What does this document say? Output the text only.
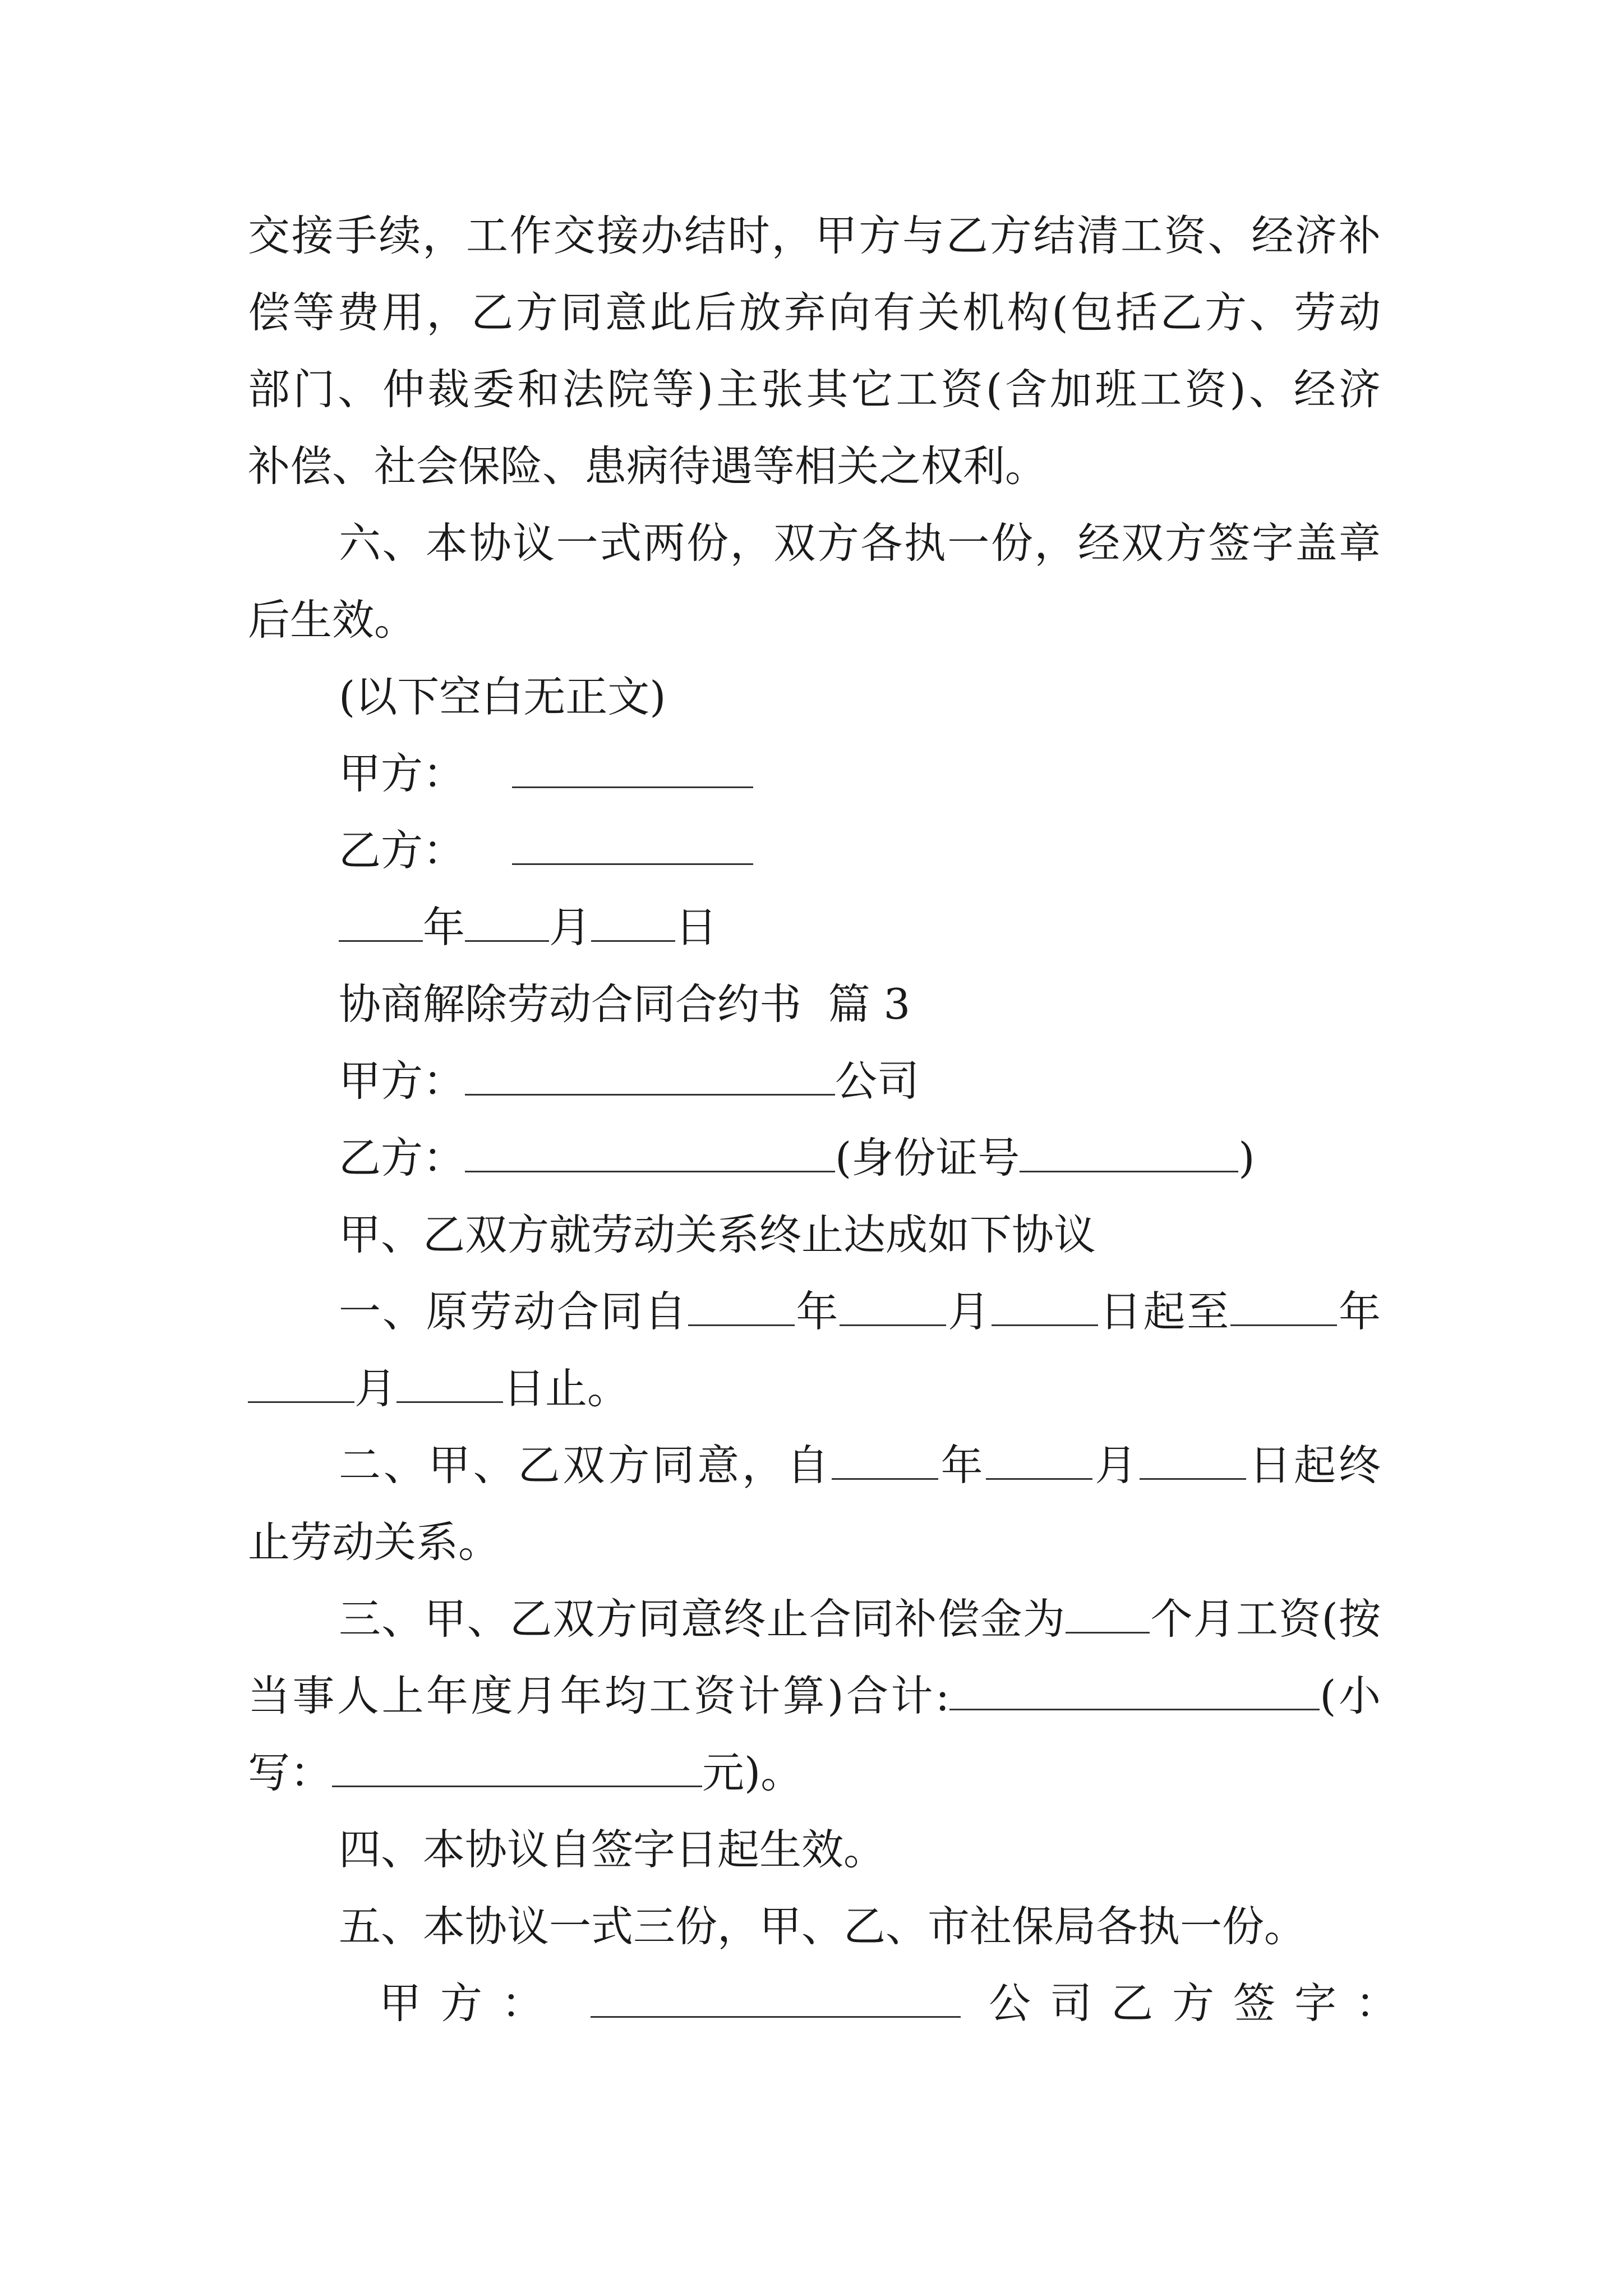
交接手续，工作交接办结时，甲方与乙方结清工资、经济补
偿等费用，乙方同意此后放弃向有关机构(包括乙方、劳动
部门、仲裁委和法院等)主张其它工资(含加班工资)、经济
补偿、社会保险、患病待遇等相关之权利。
六、本协议一式两份，双方各执一份，经双方签字盖章
后生效。
(以下空白无正文)
甲方：
乙方：
年 月 日
协商解除劳动合同合约书  篇 3
甲方：	公司
乙方：	(身份证号	)
甲、乙双方就劳动关系终止达成如下协议
一、原劳动合同自	年	月	日起至	年
月	日止。
二、甲、乙双方同意，自	年	月	日起终
止劳动关系。
三、甲、乙双方同意终止合同补偿金为 个月工资(按
当事人上年度月年均工资计算)合计:	(小
写：	元)。
四、本协议自签字日起生效。
五、本协议一式三份，甲、乙、市社保局各执一份。
甲方：	公司乙方签字：
